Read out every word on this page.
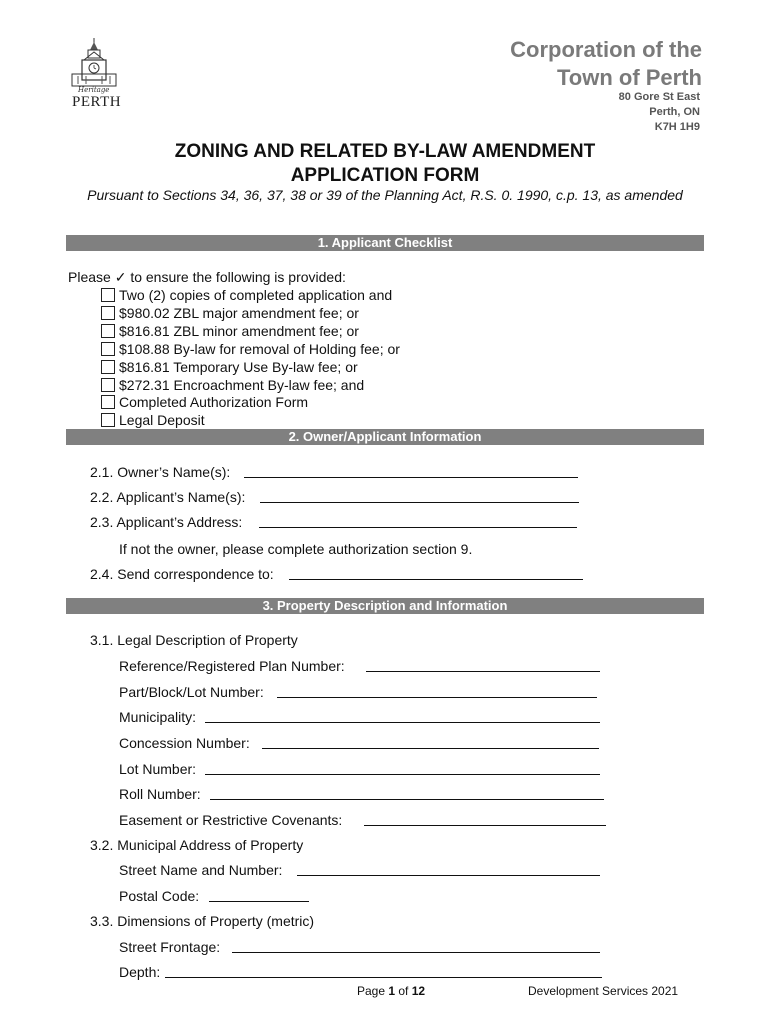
Heritage
PERTH
Corporation of the
Town of Perth
80 Gore St East
Perth, ON
K7H 1H9
ZONING AND RELATED BY-LAW AMENDMENT
APPLICATION FORM
Pursuant to Sections 34, 36, 37, 38 or 39 of the Planning Act, R.S. 0. 1990, c.p. 13, as amended
1. Applicant Checklist
Please ✓ to ensure the following is provided:
Two (2) copies of completed application and
$980.02 ZBL major amendment fee; or
$816.81 ZBL minor amendment fee; or
$108.88 By-law for removal of Holding fee; or
$816.81 Temporary Use By-law fee; or
$272.31 Encroachment By-law fee; and
Completed Authorization Form
Legal Deposit
2. Owner/Applicant Information
2.1. Owner’s Name(s):
2.2. Applicant’s Name(s):
2.3. Applicant’s Address:
If not the owner, please complete authorization section 9.
2.4. Send correspondence to:
3. Property Description and Information
3.1. Legal Description of Property
Reference/Registered Plan Number:
Part/Block/Lot Number:
Municipality:
Concession Number:
Lot Number:
Roll Number:
Easement or Restrictive Covenants:
3.2. Municipal Address of Property
Street Name and Number:
Postal Code:
3.3. Dimensions of Property (metric)
Street Frontage:
Depth:
Page 1 of 12	Development Services 2021
